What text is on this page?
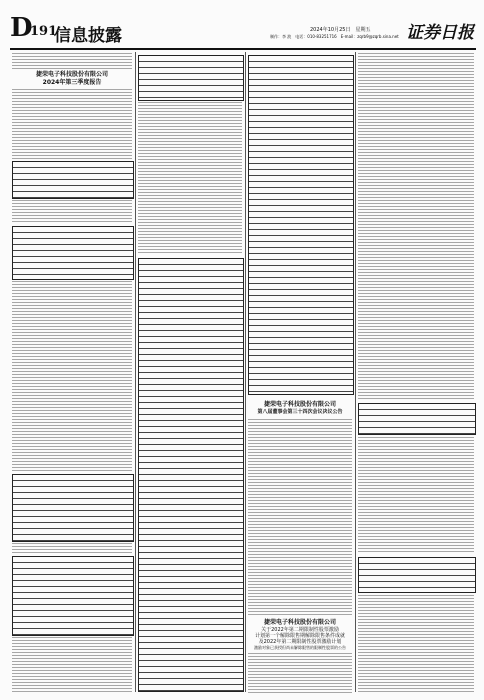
D
191
信息披露	2024年10月25日　星期五
制作：李 波　电话：010-83251716　E-mail：zqrb9@zqrb.sina.net 证券日报
捷荣电子科技股份有限公司
2024年第三季度报告
捷荣电子科技股份有限公司
第八届董事会第三十四次会议决议公告
捷荣电子科技股份有限公司
关于2022年第二期限制性股票激励
计划第一个解除限售期解除限售条件成就
及2022年第二期限制性股票激励计划
激励对象已获授但尚未解除限售的限制性股票的公告
